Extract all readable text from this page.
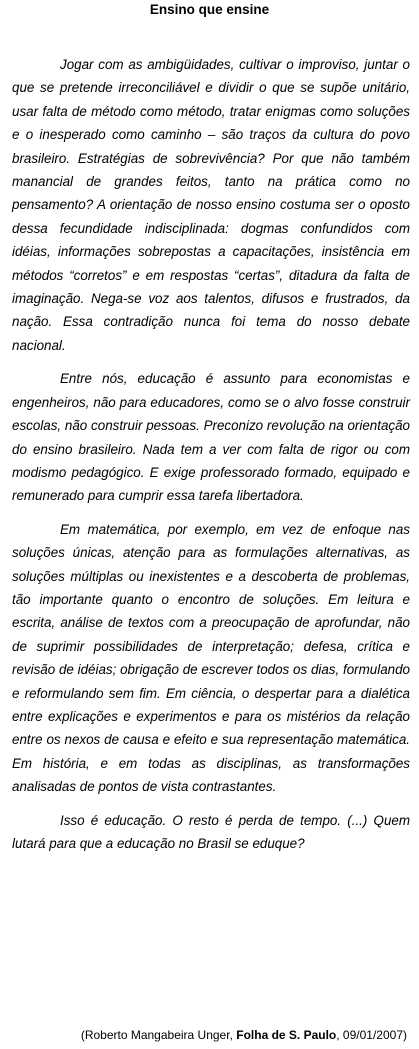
Ensino que ensine

Jogar com as ambigüidades, cultivar o improviso, juntar o que se pretende irreconciliável e dividir o que se supõe unitário, usar falta de método como método, tratar enigmas como soluções e o inesperado como caminho – são traços da cultura do povo brasileiro. Estratégias de sobrevivência? Por que não também manancial de grandes feitos, tanto na prática como no pensamento? A orientação de nosso ensino costuma ser o oposto dessa fecundidade indisciplinada: dogmas confundidos com idéias, informações sobrepostas a capacitações, insistência em métodos “corretos” e em respostas “certas”, ditadura da falta de imaginação. Nega-se voz aos talentos, difusos e frustrados, da nação. Essa contradição nunca foi tema do nosso debate nacional.

Entre nós, educação é assunto para economistas e engenheiros, não para educadores, como se o alvo fosse construir escolas, não construir pessoas. Preconizo revolução na orientação do ensino brasileiro. Nada tem a ver com falta de rigor ou com modismo pedagógico. E exige professorado formado, equipado e remunerado para cumprir essa tarefa libertadora.

Em matemática, por exemplo, em vez de enfoque nas soluções únicas, atenção para as formulações alternativas, as soluções múltiplas ou inexistentes e a descoberta de problemas, tão importante quanto o encontro de soluções. Em leitura e escrita, análise de textos com a preocupação de aprofundar, não de suprimir possibilidades de interpretação; defesa, crítica e revisão de idéias; obrigação de escrever todos os dias, formulando e reformulando sem fim. Em ciência, o despertar para a dialética entre explicações e experimentos e para os mistérios da relação entre os nexos de causa e efeito e sua representação matemática. Em história, e em todas as disciplinas, as transformações analisadas de pontos de vista contrastantes.

Isso é educação. O resto é perda de tempo. (...) Quem lutará para que a educação no Brasil se eduque?

(Roberto Mangabeira Unger, Folha de S. Paulo, 09/01/2007)
